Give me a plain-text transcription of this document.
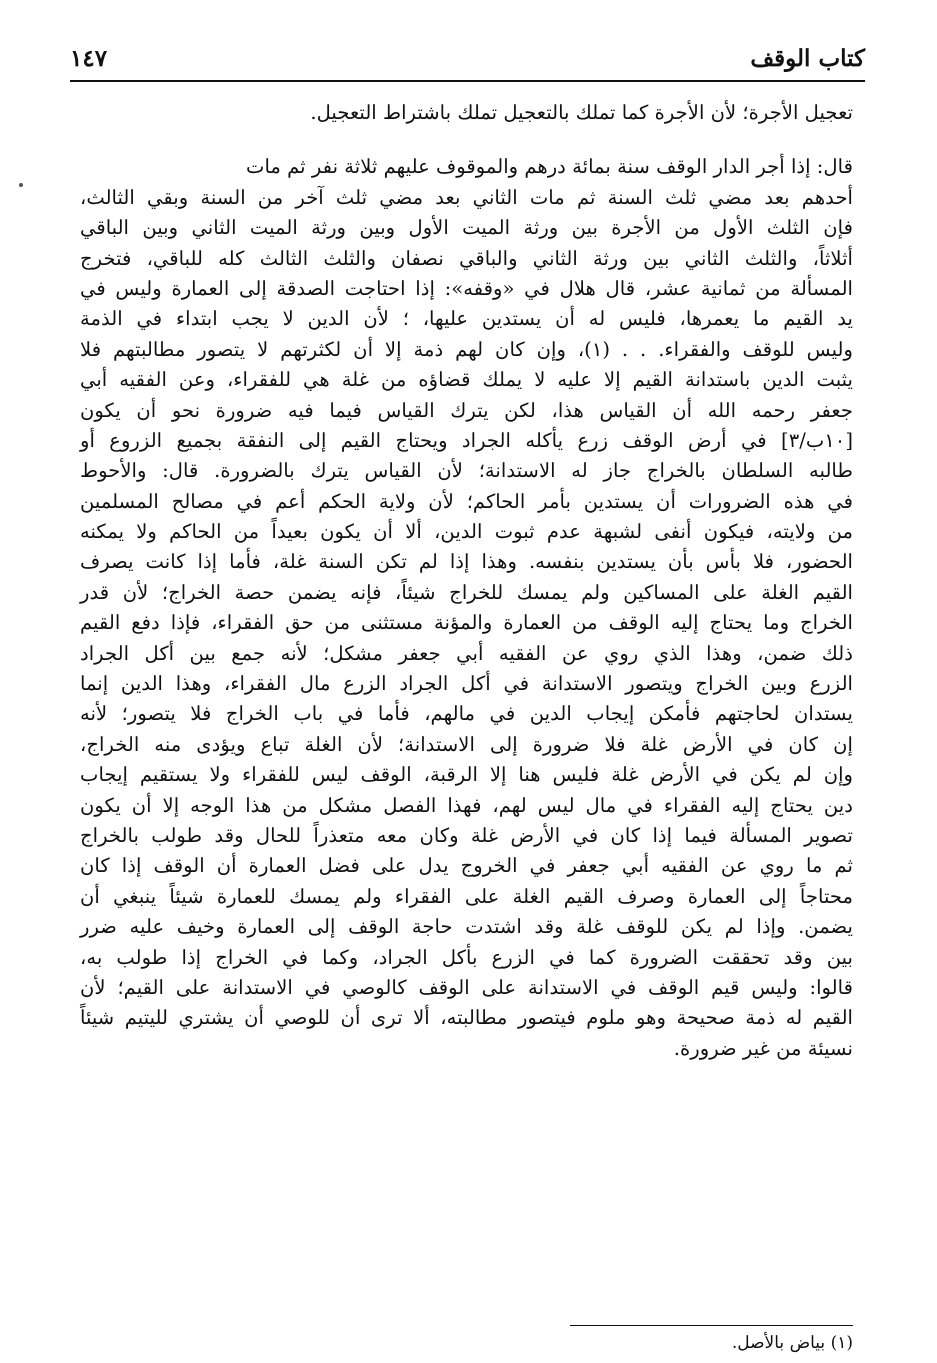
١٤٧	كتاب الوقف
تعجيل الأجرة؛ لأن الأجرة كما تملك بالتعجيل تملك باشتراط التعجيل.
قال: إذا أجر الدار الوقف سنة بمائة درهم والموقوف عليهم ثلاثة نفر ثم مات
أحدهم بعد مضي ثلث السنة ثم مات الثاني بعد مضي ثلث آخر من السنة وبقي الثالث،
فإن الثلث الأول من الأجرة بين ورثة الميت الأول وبين ورثة الميت الثاني وبين الباقي
أثلاثاً، والثلث الثاني بين ورثة الثاني والباقي نصفان والثلث الثالث كله للباقي، فتخرج
المسألة من ثمانية عشر، قال هلال في «وقفه»: إذا احتاجت الصدقة إلى العمارة وليس في
يد القيم ما يعمرها، فليس له أن يستدين عليها، ؛ لأن الدين لا يجب ابتداء في الذمة
وليس للوقف والفقراء. . . (١)، وإن كان لهم ذمة إلا أن لكثرتهم لا يتصور مطالبتهم فلا
يثبت الدين باستدانة القيم إلا عليه لا يملك قضاؤه من غلة هي للفقراء، وعن الفقيه أبي
جعفر رحمه الله أن القياس هذا، لكن يترك القياس فيما فيه ضرورة نحو أن يكون
[١٠ب/٣] في أرض الوقف زرع يأكله الجراد ويحتاج القيم إلى النفقة بجميع الزروع أو
طالبه السلطان بالخراج جاز له الاستدانة؛ لأن القياس يترك بالضرورة. قال: والأحوط
في هذه الضرورات أن يستدين بأمر الحاكم؛ لأن ولاية الحكم أعم في مصالح المسلمين
من ولايته، فيكون أنفى لشبهة عدم ثبوت الدين، ألا أن يكون بعيداً من الحاكم ولا يمكنه
الحضور، فلا بأس بأن يستدين بنفسه. وهذا إذا لم تكن السنة غلة، فأما إذا كانت يصرف
القيم الغلة على المساكين ولم يمسك للخراج شيئاً، فإنه يضمن حصة الخراج؛ لأن قدر
الخراج وما يحتاج إليه الوقف من العمارة والمؤنة مستثنى من حق الفقراء، فإذا دفع القيم
ذلك ضمن، وهذا الذي روي عن الفقيه أبي جعفر مشكل؛ لأنه جمع بين أكل الجراد
الزرع وبين الخراج ويتصور الاستدانة في أكل الجراد الزرع مال الفقراء، وهذا الدين إنما
يستدان لحاجتهم فأمكن إيجاب الدين في مالهم، فأما في باب الخراج فلا يتصور؛ لأنه
إن كان في الأرض غلة فلا ضرورة إلى الاستدانة؛ لأن الغلة تباع ويؤدى منه الخراج،
وإن لم يكن في الأرض غلة فليس هنا إلا الرقبة، الوقف ليس للفقراء ولا يستقيم إيجاب
دين يحتاج إليه الفقراء في مال ليس لهم، فهذا الفصل مشكل من هذا الوجه إلا أن يكون
تصوير المسألة فيما إذا كان في الأرض غلة وكان معه متعذراً للحال وقد طولب بالخراج
ثم ما روي عن الفقيه أبي جعفر في الخروج يدل على فضل العمارة أن الوقف إذا كان
محتاجاً إلى العمارة وصرف القيم الغلة على الفقراء ولم يمسك للعمارة شيئاً ينبغي أن
يضمن. وإذا لم يكن للوقف غلة وقد اشتدت حاجة الوقف إلى العمارة وخيف عليه ضرر
بين وقد تحققت الضرورة كما في الزرع بأكل الجراد، وكما في الخراج إذا طولب به،
قالوا: وليس قيم الوقف في الاستدانة على الوقف كالوصي في الاستدانة على القيم؛ لأن
القيم له ذمة صحيحة وهو ملوم فيتصور مطالبته، ألا ترى أن للوصي أن يشتري لليتيم شيئاً
نسيئة من غير ضرورة.
(١) بياض بالأصل.
